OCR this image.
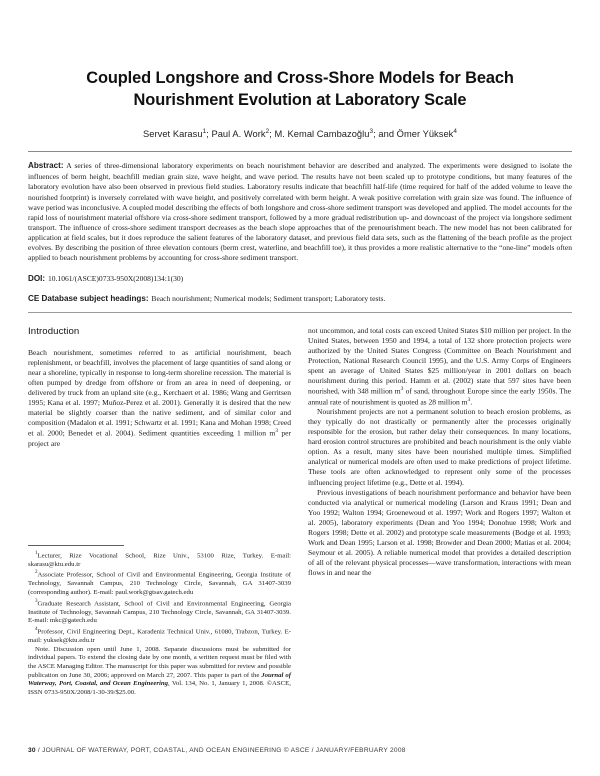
Coupled Longshore and Cross-Shore Models for Beach Nourishment Evolution at Laboratory Scale
Servet Karasu$^1$; Paul A. Work$^2$; M. Kemal Cambazoğlu$^3$; and Ömer Yüksek$^4$

Abstract: A series of three-dimensional laboratory experiments on beach nourishment behavior are described and analyzed. The experiments were designed to isolate the influences of berm height, beachfill median grain size, wave height, and wave period. The results have not been scaled up to prototype conditions, but many features of the laboratory evolution have also been observed in previous field studies. Laboratory results indicate that beachfill half-life (time required for half of the added volume to leave the nourished footprint) is inversely correlated with wave height, and positively correlated with berm height. A weak positive correlation with grain size was found. The influence of wave period was inconclusive. A coupled model describing the effects of both longshore and cross-shore sediment transport was developed and applied. The model accounts for the rapid loss of nourishment material offshore via cross-shore sediment transport, followed by a more gradual redistribution up- and downcoast of the project via longshore sediment transport. The influence of cross-shore sediment transport decreases as the beach slope approaches that of the prenourishment beach. The new model has not been calibrated for application at field scales, but it does reproduce the salient features of the laboratory dataset, and previous field data sets, such as the flattening of the beach profile as the project evolves. By describing the position of three elevation contours (berm crest, waterline, and beachfill toe), it thus provides a more realistic alternative to the “one-line” models often applied to beach nourishment problems by accounting for cross-shore sediment transport.

DOI: 10.1061/(ASCE)0733-950X(2008)134:1(30)
CE Database subject headings: Beach nourishment; Numerical models; Sediment transport; Laboratory tests.
Introduction

Beach nourishment, sometimes referred to as artificial nourishment, beach replenishment, or beachfill, involves the placement of large quantities of sand along or near a shoreline, typically in response to long-term shoreline recession. The material is often pumped by dredge from offshore or from an area in need of deepening, or delivered by truck from an upland site (e.g., Kerchaert et al. 1986; Wang and Gerritsen 1995; Kana et al. 1997; Muñoz-Perez et al. 2001). Generally it is desired that the new material be slightly coarser than the native sediment, and of similar color and composition (Madalon et al. 1991; Schwartz et al. 1991; Kana and Mohan 1998; Creed et al. 2000; Benedet et al. 2004). Sediment quantities exceeding 1 million $m^3$ per project are

$^1$Lecturer, Rize Vocational School, Rize Univ., 53100 Rize, Turkey. E-mail: skarasu@ktu.edu.tr

$^2$Associate Professor, School of Civil and Environmental Engineering, Georgia Institute of Technology, Savannah Campus, 210 Technology Circle, Savannah, GA 31407-3039 (corresponding author). E-mail: paul.work@gtsav.gatech.edu

$^3$Graduate Research Assistant, School of Civil and Environmental Engineering, Georgia Institute of Technology, Savannah Campus, 210 Technology Circle, Savannah, GA 31407-3039. E-mail: mkc@gatech.edu

$^4$Professor, Civil Engineering Dept., Karadeniz Technical Univ., 61080, Trabzon, Turkey. E-mail: yuksek@ktu.edu.tr

Note. Discussion open until June 1, 2008. Separate discussions must be submitted for individual papers. To extend the closing date by one month, a written request must be filed with the ASCE Managing Editor. The manuscript for this paper was submitted for review and possible publication on June 30, 2006; approved on March 27, 2007. This paper is part of the Journal of Waterway, Port, Coastal, and Ocean Engineering, Vol. 134, No. 1, January 1, 2008. ©ASCE, ISSN 0733-950X/2008/1-30-39/$25.00.

not uncommon, and total costs can exceed United States $10 million per project. In the United States, between 1950 and 1994, a total of 132 shore protection projects were authorized by the United States Congress (Committee on Beach Nourishment and Protection, National Research Council 1995), and the U.S. Army Corps of Engineers spent an average of United States $25 million/year in 2001 dollars on beach nourishment during this period. Hamm et al. (2002) state that 597 sites have been nourished, with 348 million $m^3$ of sand, throughout Europe since the early 1950s. The annual rate of nourishment is quoted as 28 million $m^3$.

Nourishment projects are not a permanent solution to beach erosion problems, as they typically do not drastically or permanently alter the processes originally responsible for the erosion, but rather delay their consequences. In many locations, hard erosion control structures are prohibited and beach nourishment is the only viable option. As a result, many sites have been nourished multiple times. Simplified analytical or numerical models are often used to make predictions of project lifetime. These tools are often acknowledged to represent only some of the processes influencing project lifetime (e.g., Dette et al. 1994).

Previous investigations of beach nourishment performance and behavior have been conducted via analytical or numerical modeling (Larson and Kraus 1991; Dean and Yoo 1992; Walton 1994; Groenewoud et al. 1997; Work and Rogers 1997; Walton et al. 2005), laboratory experiments (Dean and Yoo 1994; Donohue 1998; Work and Rogers 1998; Dette et al. 2002) and prototype scale measurements (Bodge et al. 1993; Work and Dean 1995; Larson et al. 1998; Browder and Dean 2000; Matias et al. 2004; Seymour et al. 2005). A reliable numerical model that provides a detailed description of all of the relevant physical processes—wave transformation, interactions with mean flows in and near the

30 / JOURNAL OF WATERWAY, PORT, COASTAL, AND OCEAN ENGINEERING © ASCE / JANUARY/FEBRUARY 2008
